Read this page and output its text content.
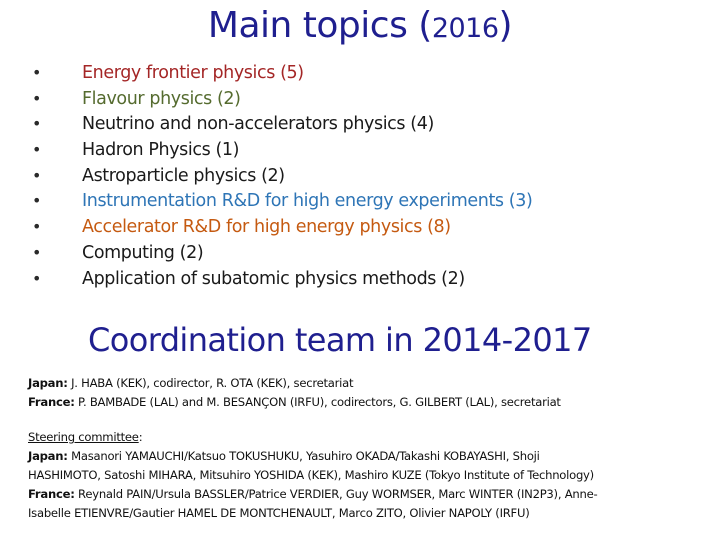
Main topics (2016)
• Energy frontier physics (5)
• Flavour physics (2)
• Neutrino and non-accelerators physics (4)
• Hadron Physics (1)
• Astroparticle physics (2)
• Instrumentation R&D for high energy experiments (3)
• Accelerator R&D for high energy physics (8)
• Computing (2)
• Application of subatomic physics methods (2)
Coordination team in 2014-2017
Japan: J. HABA (KEK), codirector, R. OTA (KEK), secretariat
France: P. BAMBADE (LAL) and M. BESANÇON (IRFU), codirectors, G. GILBERT (LAL), secretariat
Steering committee:
Japan: Masanori YAMAUCHI/Katsuo TOKUSHUKU, Yasuhiro OKADA/Takashi KOBAYASHI, Shoji
HASHIMOTO, Satoshi MIHARA, Mitsuhiro YOSHIDA (KEK), Mashiro KUZE (Tokyo Institute of Technology)
France: Reynald PAIN/Ursula BASSLER/Patrice VERDIER, Guy WORMSER, Marc WINTER (IN2P3), Anne-
Isabelle ETIENVRE/Gautier HAMEL DE MONTCHENAULT, Marco ZITO, Olivier NAPOLY (IRFU)
